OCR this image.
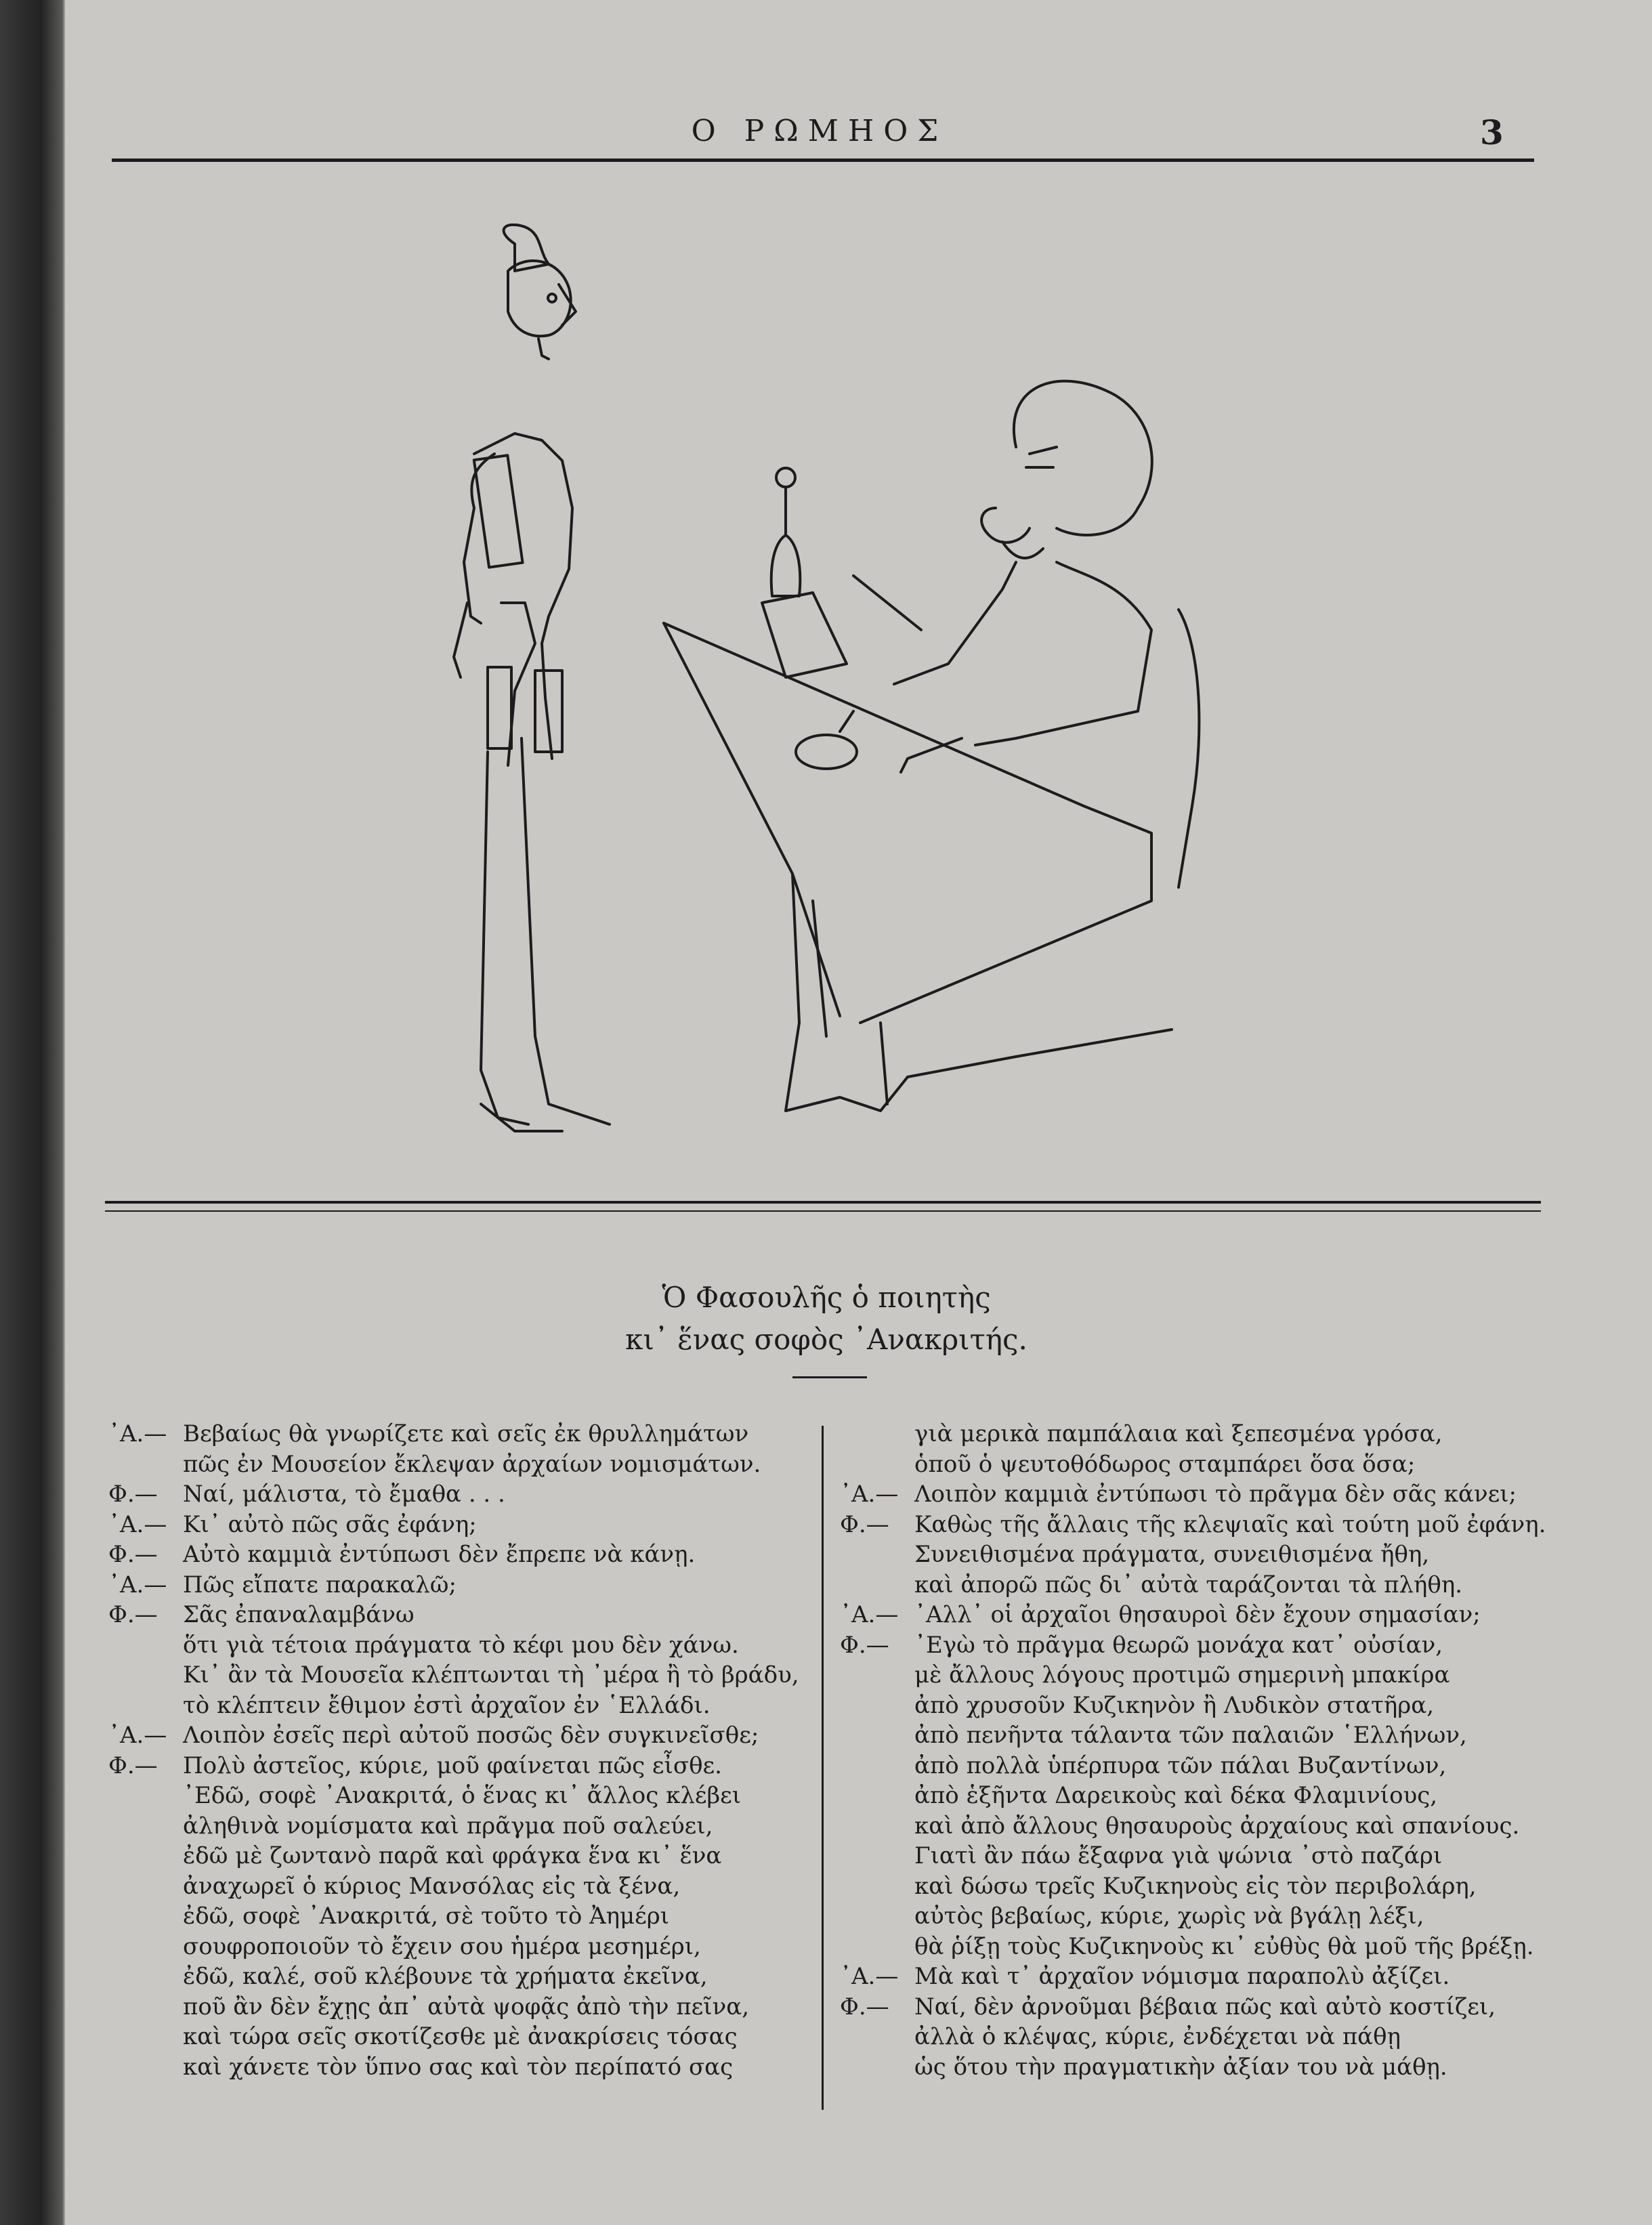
Ο ΡΩΜΗΟΣ	3
Ὁ Φασουλῆς ὁ ποιητὴς
κι᾿ ἕνας σοφὸς ᾿Ανακριτής.
᾿Α.— Βεβαίως θὰ γνωρίζετε καὶ σεῖς ἐκ θρυλλημάτων
πῶς ἐν Μουσείον ἔκλεψαν ἀρχαίων νομισμάτων.
Φ.—	Ναί, μάλιστα, τὸ ἔμαθα . . .
᾿Α.— Κι᾿ αὐτὸ πῶς σᾶς ἐφάνη;
Φ.—	Αὐτὸ καμμιὰ ἐντύπωσι δὲν ἔπρεπε νὰ κάνῃ.
᾿Α.— Πῶς εἴπατε παρακαλῶ;
Φ.—	Σᾶς ἐπαναλαμβάνω
ὅτι γιὰ τέτοια πράγματα τὸ κέφι μου δὲν χάνω.
Κι᾿ ἂν τὰ Μουσεῖα κλέπτωνται τὴ ᾿μέρα ἢ τὸ βράδυ,
τὸ κλέπτειν ἔθιμον ἐστὶ ἀρχαῖον ἐν ῾Ελλάδι.
᾿Α.— Λοιπὸν ἐσεῖς περὶ αὐτοῦ ποσῶς δὲν συγκινεῖσθε;
Φ.—	Πολὺ ἀστεῖος, κύριε, μοῦ φαίνεται πῶς εἶσθε.
᾿Εδῶ, σοφὲ ᾿Ανακριτά, ὁ ἕνας κι᾿ ἄλλος κλέβει
ἀληθινὰ νομίσματα καὶ πρᾶγμα ποῦ σαλεύει,
ἐδῶ μὲ ζωντανὸ παρᾶ καὶ φράγκα ἕνα κι᾿ ἕνα
ἀναχωρεῖ ὁ κύριος Μανσόλας εἰς τὰ ξένα,
ἐδῶ, σοφὲ ᾿Ανακριτά, σὲ τοῦτο τὸ Ἀημέρι
σουφροποιοῦν τὸ ἔχειν σου ἡμέρα μεσημέρι,
ἐδῶ, καλέ, σοῦ κλέβουνε τὰ χρήματα ἐκεῖνα,
ποῦ ἂν δὲν ἔχῃς ἀπ᾿ αὐτὰ ψοφᾷς ἀπὸ τὴν πεῖνα,
καὶ τώρα σεῖς σκοτίζεσθε μὲ ἀνακρίσεις τόσας
καὶ χάνετε τὸν ὕπνο σας καὶ τὸν περίπατό σας
γιὰ μερικὰ παμπάλαια καὶ ξεπεσμένα γρόσα,
ὁποῦ ὁ ψευτοθόδωρος σταμπάρει ὅσα ὅσα;
᾿Α.— Λοιπὸν καμμιὰ ἐντύπωσι τὸ πρᾶγμα δὲν σᾶς κάνει;
Φ.—	Καθὼς τῆς ἄλλαις τῆς κλεψιαῖς καὶ τούτη μοῦ ἐφάνη.
Συνειθισμένα πράγματα, συνειθισμένα ἤθη,
καὶ ἀπορῶ πῶς δι᾿ αὐτὰ ταράζονται τὰ πλήθη.
᾿Α.— ᾿Αλλ᾿ οἱ ἀρχαῖοι θησαυροὶ δὲν ἔχουν σημασίαν;
Φ.—	᾿Εγὼ τὸ πρᾶγμα θεωρῶ μονάχα κατ᾿ οὐσίαν,
μὲ ἄλλους λόγους προτιμῶ σημερινὴ μπακίρα
ἀπὸ χρυσοῦν Κυζικηνὸν ἢ Λυδικὸν στατῆρα,
ἀπὸ πενῆντα τάλαντα τῶν παλαιῶν ῾Ελλήνων,
ἀπὸ πολλὰ ὑπέρπυρα τῶν πάλαι Βυζαντίνων,
ἀπὸ ἑξῆντα Δαρεικοὺς καὶ δέκα Φλαμινίους,
καὶ ἀπὸ ἄλλους θησαυροὺς ἀρχαίους καὶ σπανίους.
Γιατὶ ἂν πάω ἔξαφνα γιὰ ψώνια ᾿στὸ παζάρι
καὶ δώσω τρεῖς Κυζικηνοὺς εἰς τὸν περιβολάρη,
αὐτὸς βεβαίως, κύριε, χωρὶς νὰ βγάλῃ λέξι,
θὰ ῥίξῃ τοὺς Κυζικηνοὺς κι᾿ εὐθὺς θὰ μοῦ τῆς βρέξῃ.
᾿Α.— Μὰ καὶ τ᾿ ἀρχαῖον νόμισμα παραπολὺ ἀξίζει.
Φ.—	Ναί, δὲν ἀρνοῦμαι βέβαια πῶς καὶ αὐτὸ κοστίζει,
ἀλλὰ ὁ κλέψας, κύριε, ἐνδέχεται νὰ πάθῃ
ὡς ὅτου τὴν πραγματικὴν ἀξίαν του νὰ μάθῃ.
